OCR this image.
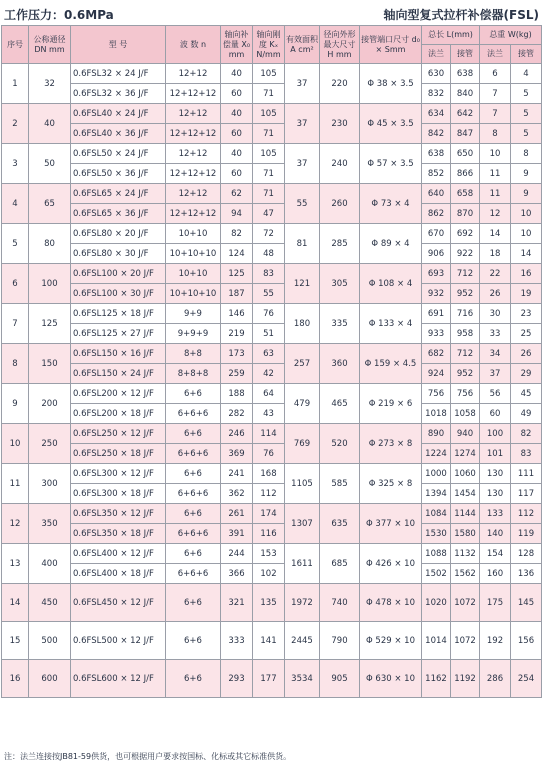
工作压力：0.6MPa	轴向型复式拉杆补偿器(FSL)
序号	公称通径 DN mm	型 号	波 数 n	轴向补偿量 X₀ mm	轴向刚度 Kₓ N/mm	有效面积 A cm²	径向外形最大尺寸 H mm	接管端口尺寸 d₀ × Smm	总长 L(mm)		总重 W(kg)	
									法兰	接管	法兰	接管
1	32	0.6FSL32 × 24 J/F	12+12	40	105	37	220	Φ 38 × 3.5	630	638	6	4
		0.6FSL32 × 36 J/F	12+12+12	60	71				832	840	7	5
2	40	0.6FSL40 × 24 J/F	12+12	40	105	37	230	Φ 45 × 3.5	634	642	7	5
		0.6FSL40 × 36 J/F	12+12+12	60	71				842	847	8	5
3	50	0.6FSL50 × 24 J/F	12+12	40	105	37	240	Φ 57 × 3.5	638	650	10	8
		0.6FSL50 × 36 J/F	12+12+12	60	71				852	866	11	9
4	65	0.6FSL65 × 24 J/F	12+12	62	71	55	260	Φ 73 × 4	640	658	11	9
		0.6FSL65 × 36 J/F	12+12+12	94	47				862	870	12	10
5	80	0.6FSL80 × 20 J/F	10+10	82	72	81	285	Φ 89 × 4	670	692	14	10
		0.6FSL80 × 30 J/F	10+10+10	124	48				906	922	18	14
6	100	0.6FSL100 × 20 J/F	10+10	125	83	121	305	Φ 108 × 4	693	712	22	16
		0.6FSL100 × 30 J/F	10+10+10	187	55				932	952	26	19
7	125	0.6FSL125 × 18 J/F	9+9	146	76	180	335	Φ 133 × 4	691	716	30	23
		0.6FSL125 × 27 J/F	9+9+9	219	51				933	958	33	25
8	150	0.6FSL150 × 16 J/F	8+8	173	63	257	360	Φ 159 × 4.5	682	712	34	26
		0.6FSL150 × 24 J/F	8+8+8	259	42				924	952	37	29
9	200	0.6FSL200 × 12 J/F	6+6	188	64	479	465	Φ 219 × 6	756	756	56	45
		0.6FSL200 × 18 J/F	6+6+6	282	43				1018	1058	60	49
10	250	0.6FSL250 × 12 J/F	6+6	246	114	769	520	Φ 273 × 8	890	940	100	82
		0.6FSL250 × 18 J/F	6+6+6	369	76				1224	1274	101	83
11	300	0.6FSL300 × 12 J/F	6+6	241	168	1105	585	Φ 325 × 8	1000	1060	130	111
		0.6FSL300 × 18 J/F	6+6+6	362	112				1394	1454	130	117
12	350	0.6FSL350 × 12 J/F	6+6	261	174	1307	635	Φ 377 × 10	1084	1144	133	112
		0.6FSL350 × 18 J/F	6+6+6	391	116				1530	1580	140	119
13	400	0.6FSL400 × 12 J/F	6+6	244	153	1611	685	Φ 426 × 10	1088	1132	154	128
		0.6FSL400 × 18 J/F	6+6+6	366	102				1502	1562	160	136
14	450	0.6FSL450 × 12 J/F	6+6	321	135	1972	740	Φ 478 × 10	1020	1072	175	145
15	500	0.6FSL500 × 12 J/F	6+6	333	141	2445	790	Φ 529 × 10	1014	1072	192	156
16	600	0.6FSL600 × 12 J/F	6+6	293	177	3534	905	Φ 630 × 10	1162	1192	286	254
注：法兰连接按JB81-59供货，也可根据用户要求按国标、化标或其它标准供货。
